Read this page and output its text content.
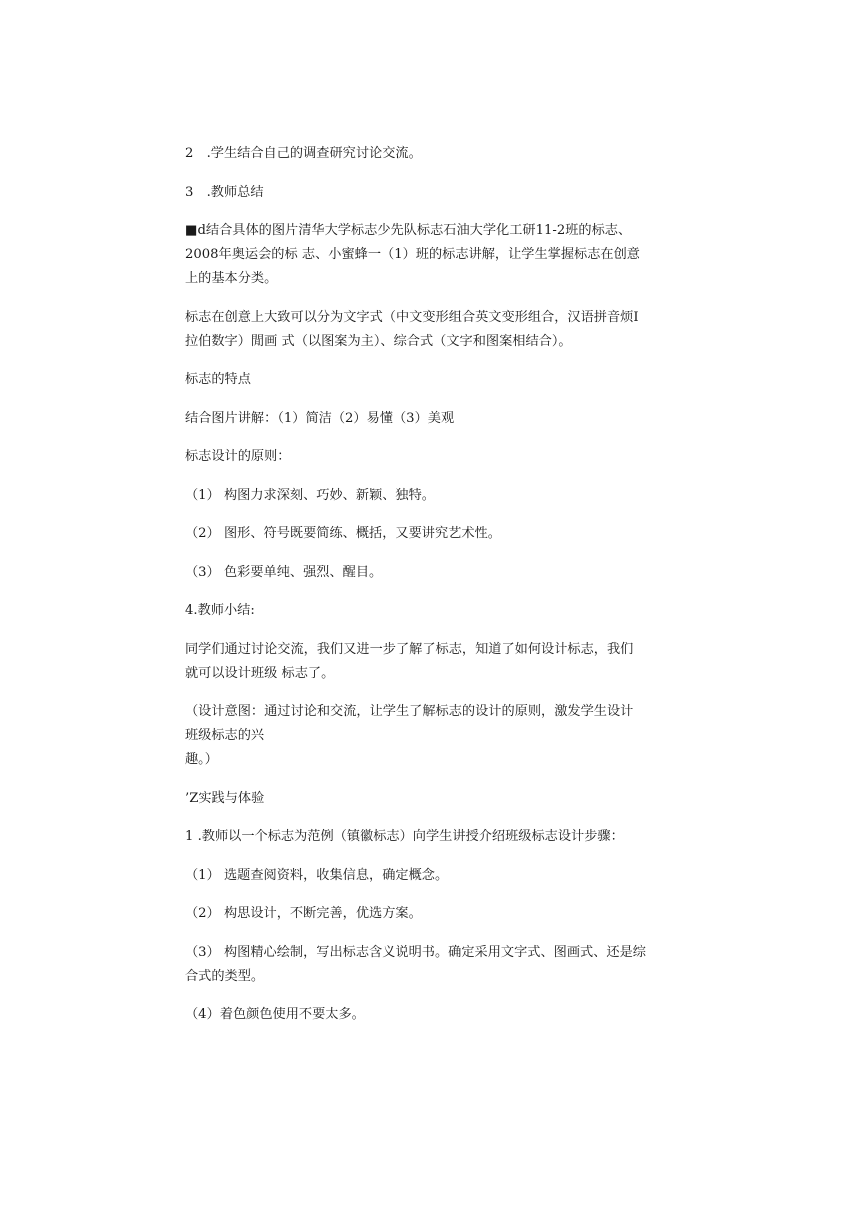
2　.学生结合自己的调查研究讨论交流。

3　.教师总结

■d结合具体的图片清华大学标志少先队标志石油大学化工研11-2班的标志、
2008年奥运会的标 志、小蜜蜂一（1）班的标志讲解，让学生掌握标志在创意
上的基本分类。

标志在创意上大致可以分为文字式（中文变形组合英文变形组合，汉语拼音烦I
拉伯数字）閒画 式（以图案为主）、综合式（文字和图案相结合）。

标志的特点

结合图片讲解：（1）简洁（2）易懂（3）美观

标志设计的原则：

（1） 构图力求深刻、巧妙、新颖、独特。

（2） 图形、符号既要简练、概括，又要讲究艺术性。

（3） 色彩要单纯、强烈、醒目。

4.教师小结:

同学们通过讨论交流，我们又进一步了解了标志，知道了如何设计标志，我们
就可以设计班级 标志了。

（设计意图：通过讨论和交流，让学生了解标志的设计的原则，激发学生设计
班级标志的兴
趣。）

’Z实践与体验

1 .教师以一个标志为范例（镇徽标志）向学生讲授介绍班级标志设计步骤：

（1） 选题查阅资料，收集信息，确定概念。

（2） 构思设计，不断完善，优选方案。

（3） 构图精心绘制，写出标志含义说明书。确定采用文字式、图画式、还是综
合式的类型。

（4）着色颜色使用不要太多。
